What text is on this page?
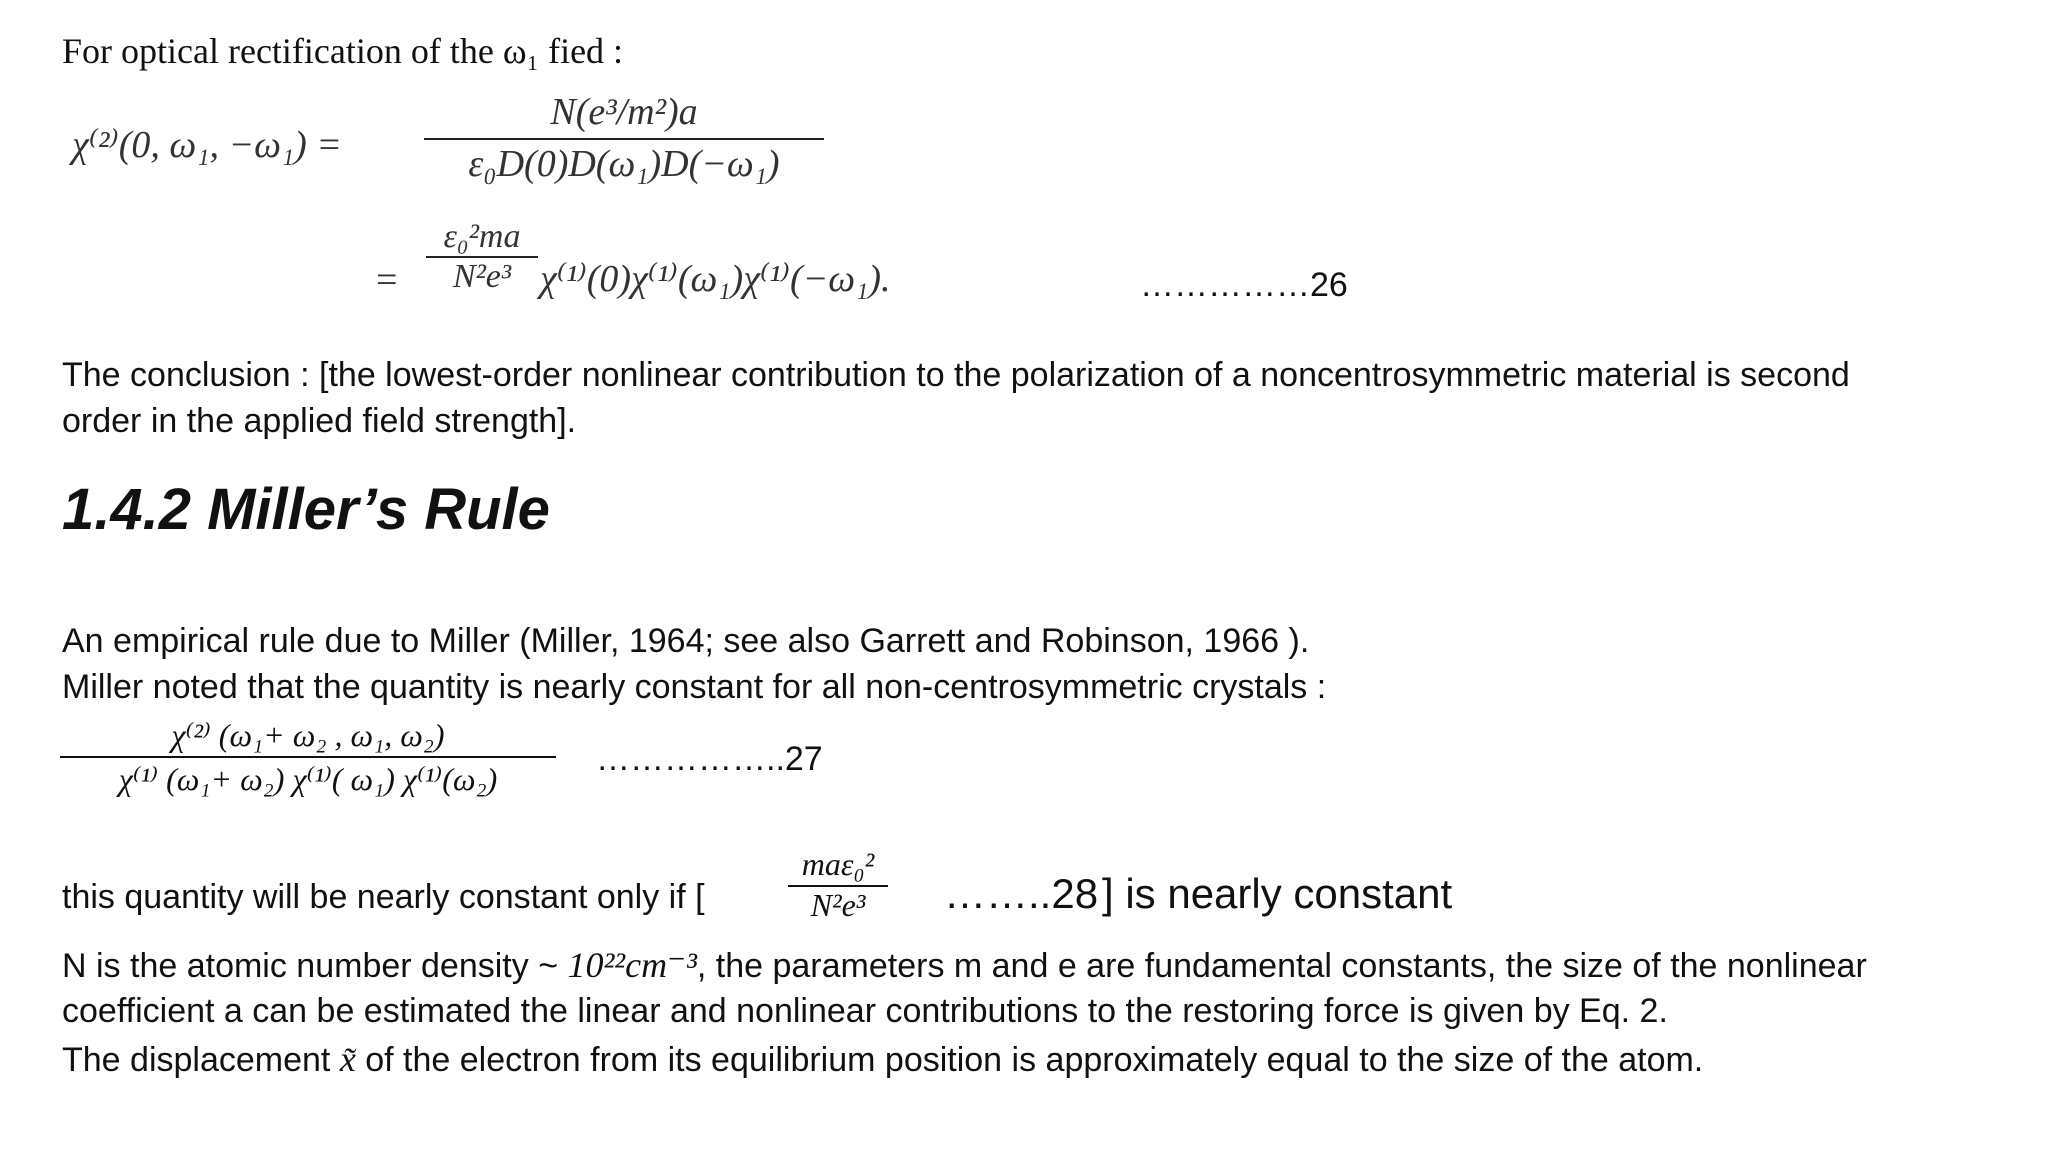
For optical rectification of the ω₁ fied :
χ⁽²⁾(0, ω₁, $-\omega_1) = \frac{\text{N(e³/m²)a}}{\text{ε₀D(0)D(ω₁)D(−ω₁)}}$
= $\frac{\text{ε₀²ma}}{\text{N²e³}} \chi^{(1)}(0)\chi^{(1)}(\omega_1)\chi^{(1)}(-\omega_1)$.	……………26
The conclusion : [the lowest-order nonlinear contribution to the polarization of a noncentrosymmetric material is second
order in the applied field strength].
1.4.2 Miller’s Rule
An empirical rule due to Miller (Miller, 1964; see also Garrett and Robinson, 1966 ).
Miller noted that the quantity is nearly constant for all non-centrosymmetric crystals :
$\frac{\text{χ⁽²⁾ (ω₁+ ω₂ , ω₁, ω₂)}}{\text{χ⁽¹⁾ (ω₁+ ω₂) χ⁽¹⁾( ω₁) χ⁽¹⁾(ω₂)}}$ ……………..27
this quantity will be nearly constant only if [
maε₀²
N²e³	……..28 ] is nearly constant
N is the atomic number density ~ 10²²cm⁻³, the parameters m and e are fundamental constants, the size of the nonlinear
coefficient a can be estimated the linear and nonlinear contributions to the restoring force is given by Eq. 2.
The displacement x̃ of the electron from its equilibrium position is approximately equal to the size of the atom.
